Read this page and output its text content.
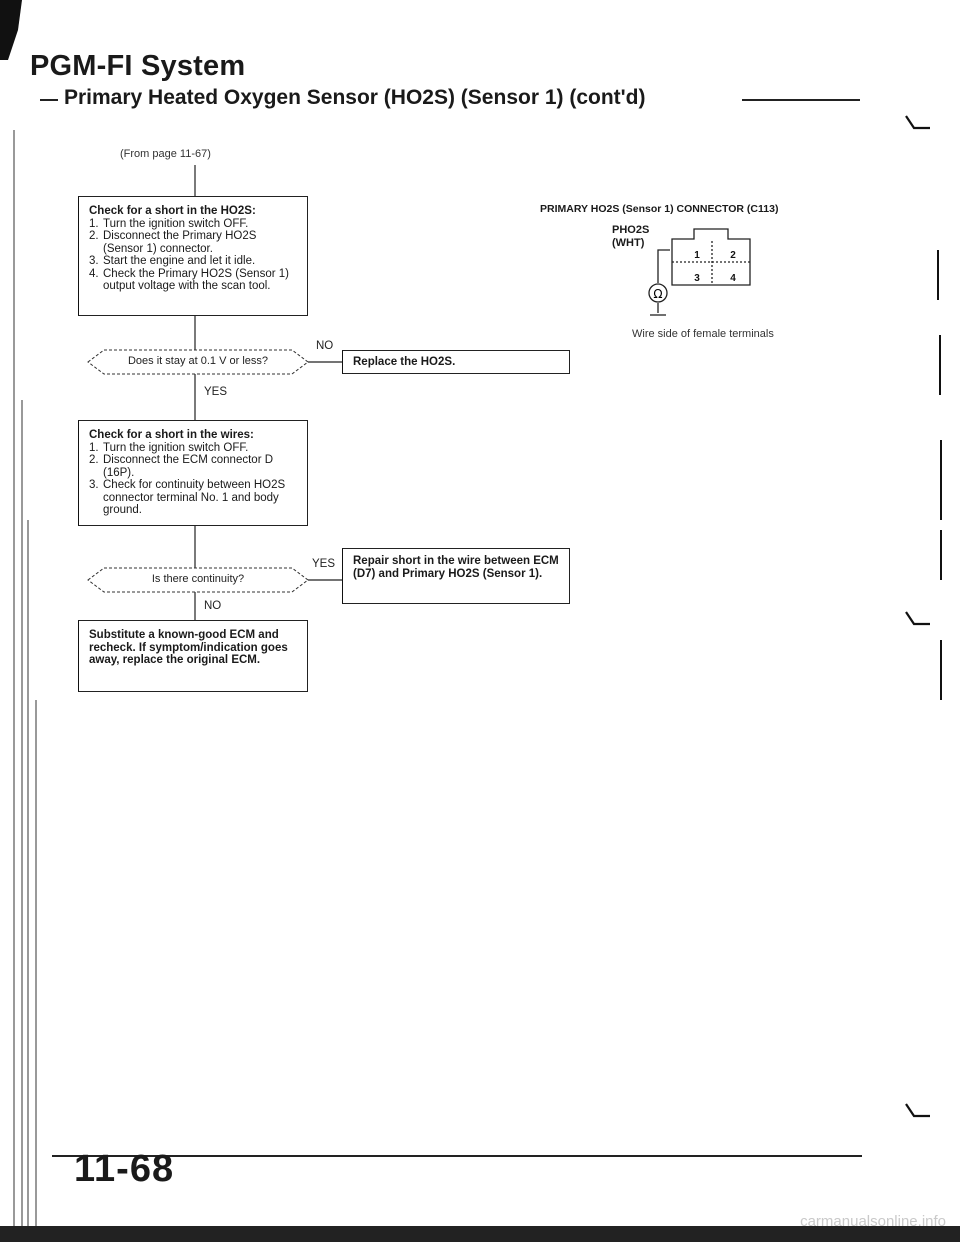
PGM-FI System
Primary Heated Oxygen Sensor (HO2S) (Sensor 1) (cont'd)
(From page 11-67)
Check for a short in the HO2S:
1. Turn the ignition switch OFF.
2. Disconnect the Primary HO2S (Sensor 1) connector.
3. Start the engine and let it idle.
4. Check the Primary HO2S (Sensor 1) output voltage with the scan tool.
Does it stay at 0.1 V or less?
NO
Replace the HO2S.
YES
Check for a short in the wires:
1. Turn the ignition switch OFF.
2. Disconnect the ECM connector D (16P).
3. Check for continuity between HO2S connector terminal No. 1 and body ground.
Is there continuity?
YES	Repair short in the wire between ECM (D7) and Primary HO2S (Sensor 1).
NO
Substitute a known-good ECM and recheck. If symptom/indication goes away, replace the original ECM.
PRIMARY HO2S (Sensor 1) CONNECTOR (C113)
PHO2S
(WHT)
Ω
1	2
3	4
Wire side of female terminals
11-68
carmanualsonline.info
